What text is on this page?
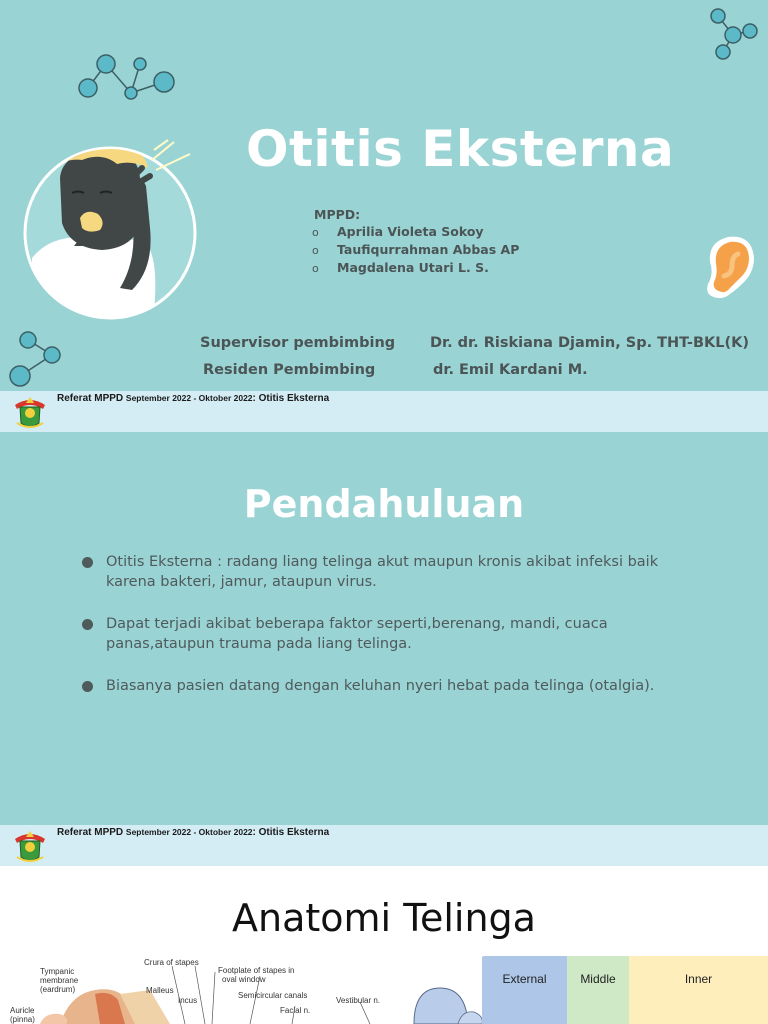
Otitis Eksterna
MPPD:
o Aprilia Violeta Sokoy
o Taufiqurrahman Abbas AP
o Magdalena Utari L. S.
Supervisor pembimbing Dr. dr. Riskiana Djamin, Sp. THT-BKL(K)
Residen Pembimbing	dr. Emil Kardani M.
Referat MPPD September 2022 - Oktober 2022: Otitis Eksterna
Pendahuluan
Otitis Eksterna : radang liang telinga akut maupun kronis akibat infeksi baik karena bakteri, jamur, ataupun virus.
Dapat terjadi akibat beberapa faktor seperti,berenang, mandi, cuaca panas,ataupun trauma pada liang telinga.
Biasanya pasien datang dengan keluhan nyeri hebat pada telinga (otalgia).
Referat MPPD September 2022 - Oktober 2022: Otitis Eksterna
Anatomi Telinga
Crura of stapes
Footplate of stapes in
oval window
Tympanic
membrane
(eardrum)	Malleus
Incus
Semicircular canals
Vestibular n.
Facial n.
Auricle
(pinna)
External	Middle	Inner
